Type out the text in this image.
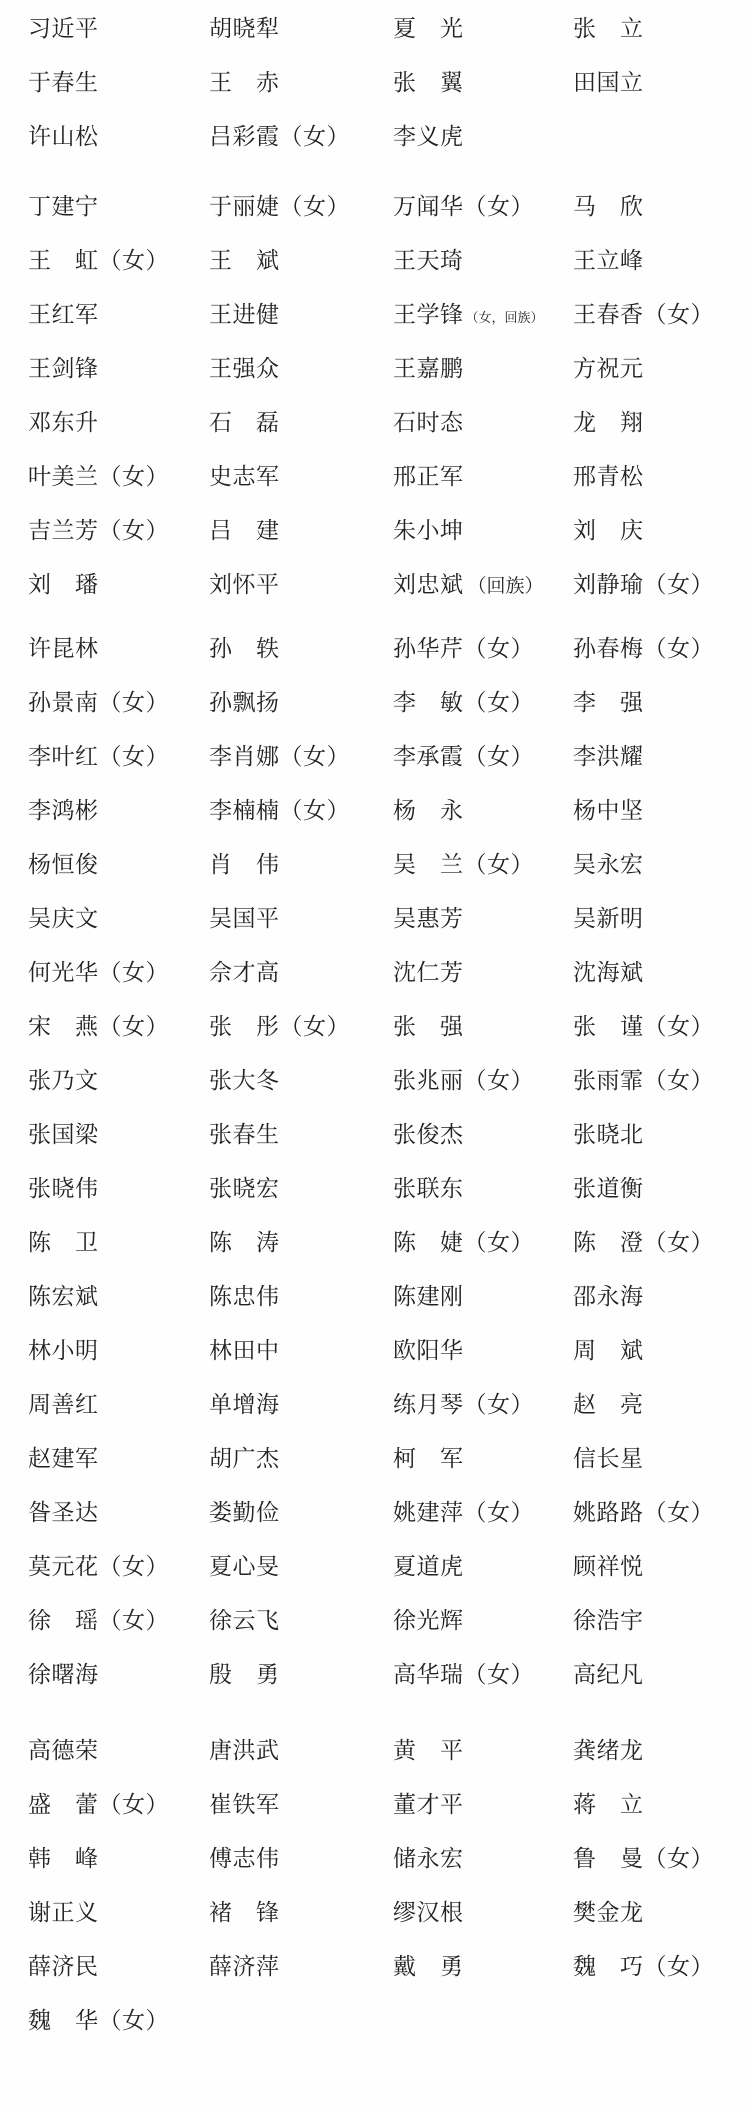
习近平	胡晓犁	夏　光	张　立
于春生	王　赤	张　翼	田国立
许山松	吕彩霞（女）	李义虎
丁建宁	于丽婕（女）	万闻华（女）	马　欣
王　虹（女）	王　斌	王天琦	王立峰
王红军	王进健	王学锋 （女，回族）	王春香（女）
王剑锋	王强众	王嘉鹏	方祝元
邓东升	石　磊	石时态	龙　翔
叶美兰（女）	史志军	邢正军	邢青松
吉兰芳（女）	吕　建	朱小坤	刘　庆
刘　璠	刘怀平	刘忠斌 （回族）	刘静瑜（女）
许昆林	孙　轶	孙华芹（女）	孙春梅（女）
孙景南（女）	孙飘扬	李　敏（女）	李　强
李叶红（女）	李肖娜（女）	李承霞（女）	李洪耀
李鸿彬	李楠楠（女）	杨　永	杨中坚
杨恒俊	肖　伟	吴　兰（女）	吴永宏
吴庆文	吴国平	吴惠芳	吴新明
何光华（女）	佘才高	沈仁芳	沈海斌
宋　燕（女）	张　彤（女）	张　强	张　谨（女）
张乃文	张大冬	张兆丽（女）	张雨霏（女）
张国梁	张春生	张俊杰	张晓北
张晓伟	张晓宏	张联东	张道衡
陈　卫	陈　涛	陈　婕（女）	陈　澄（女）
陈宏斌	陈忠伟	陈建刚	邵永海
林小明	林田中	欧阳华	周　斌
周善红	单增海	练月琴（女）	赵　亮
赵建军	胡广杰	柯　军	信长星
昝圣达	娄勤俭	姚建萍（女）	姚路路（女）
莫元花（女）	夏心旻	夏道虎	顾祥悦
徐　瑶（女）	徐云飞	徐光辉	徐浩宇
徐曙海	殷　勇	高华瑞（女）	高纪凡
高德荣	唐洪武	黄　平	龚绪龙
盛　蕾（女）	崔铁军	董才平	蒋　立
韩　峰	傅志伟	储永宏	鲁　曼（女）
谢正义	褚　锋	缪汉根	樊金龙
薛济民	薛济萍	戴　勇	魏　巧（女）
魏　华（女）
